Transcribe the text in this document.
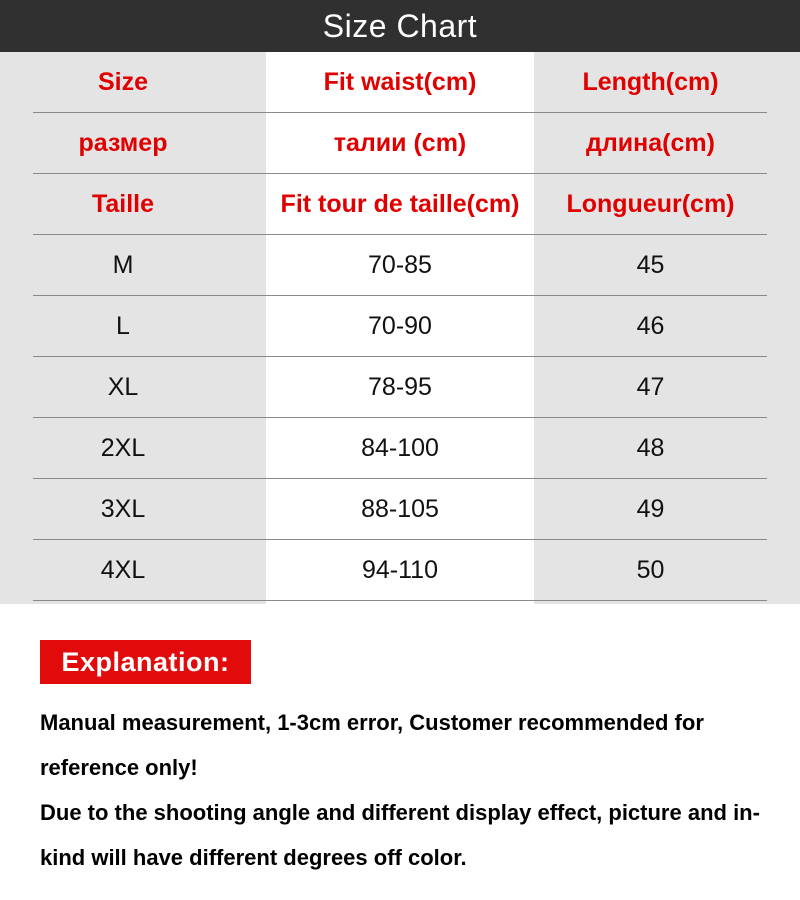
Size Chart
Size	Fit waist(cm)	Length(cm)
размер	талии (cm)	длина(cm)
Taille	Fit tour de taille(cm)	Longueur(cm)
M	70-85	45
L	70-90	46
XL	78-95	47
2XL	84-100	48
3XL	88-105	49
4XL	94-110	50
Explanation:

Manual measurement, 1-3cm error, Customer recommended for reference only!

Due to the shooting angle and different display effect, picture and in-kind will have different degrees off color.
